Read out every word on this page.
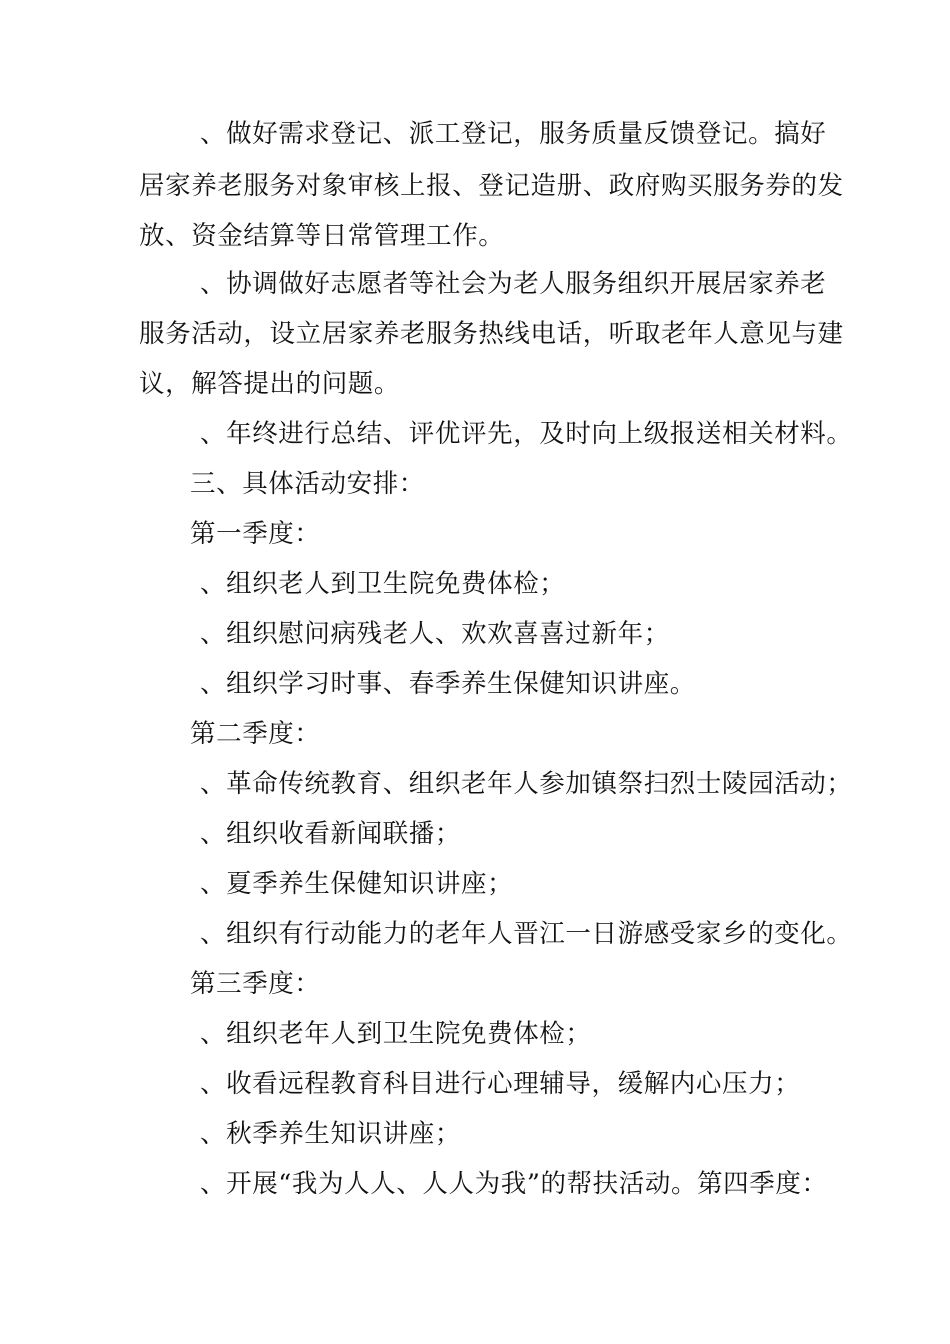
、做好需求登记、派工登记，服务质量反馈登记。搞好
居家养老服务对象审核上报、登记造册、政府购买服务券的发
放、资金结算等日常管理工作。
、协调做好志愿者等社会为老人服务组织开展居家养老
服务活动，设立居家养老服务热线电话，听取老年人意见与建
议，解答提出的问题。
、年终进行总结、评优评先，及时向上级报送相关材料。
三、具体活动安排：
第一季度：
、组织老人到卫生院免费体检；
、组织慰问病残老人、欢欢喜喜过新年；
、组织学习时事、春季养生保健知识讲座。
第二季度：
、革命传统教育、组织老年人参加镇祭扫烈士陵园活动；
、组织收看新闻联播；
、夏季养生保健知识讲座；
、组织有行动能力的老年人晋江一日游感受家乡的变化。
第三季度：
、组织老年人到卫生院免费体检；
、收看远程教育科目进行心理辅导，缓解内心压力；
、秋季养生知识讲座；
、开展“我为人人、人人为我”的帮扶活动。第四季度：
